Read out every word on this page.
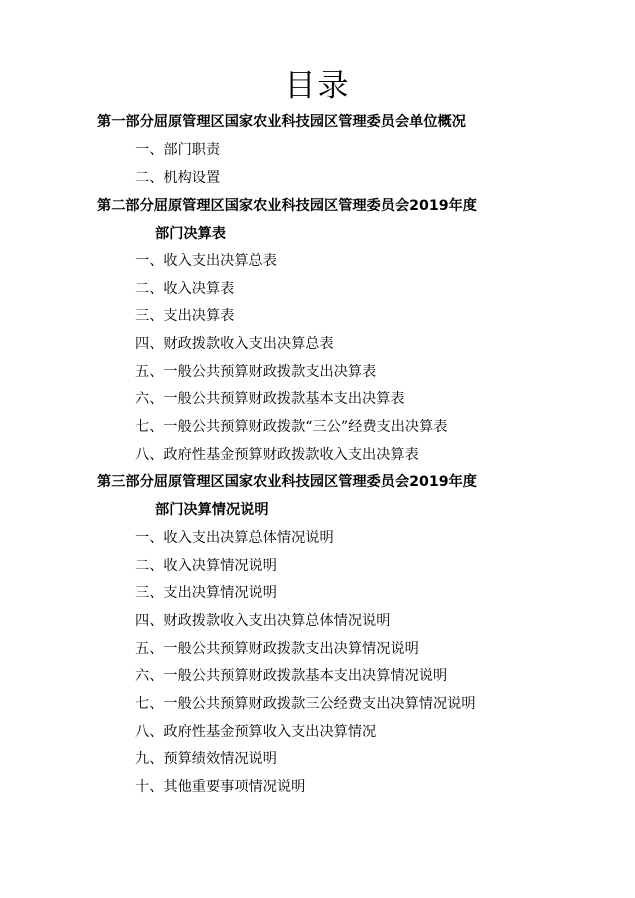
目录
第一部分屈原管理区国家农业科技园区管理委员会单位概况
一、部门职责
二、机构设置
第二部分屈原管理区国家农业科技园区管理委员会2019年度
部门决算表
一、收入支出决算总表
二、收入决算表
三、支出决算表
四、财政拨款收入支出决算总表
五、一般公共预算财政拨款支出决算表
六、一般公共预算财政拨款基本支出决算表
七、一般公共预算财政拨款“三公”经费支出决算表
八、政府性基金预算财政拨款收入支出决算表
第三部分屈原管理区国家农业科技园区管理委员会2019年度
部门决算情况说明
一、收入支出决算总体情况说明
二、收入决算情况说明
三、支出决算情况说明
四、财政拨款收入支出决算总体情况说明
五、一般公共预算财政拨款支出决算情况说明
六、一般公共预算财政拨款基本支出决算情况说明
七、一般公共预算财政拨款三公经费支出决算情况说明
八、政府性基金预算收入支出决算情况
九、预算绩效情况说明
十、其他重要事项情况说明
